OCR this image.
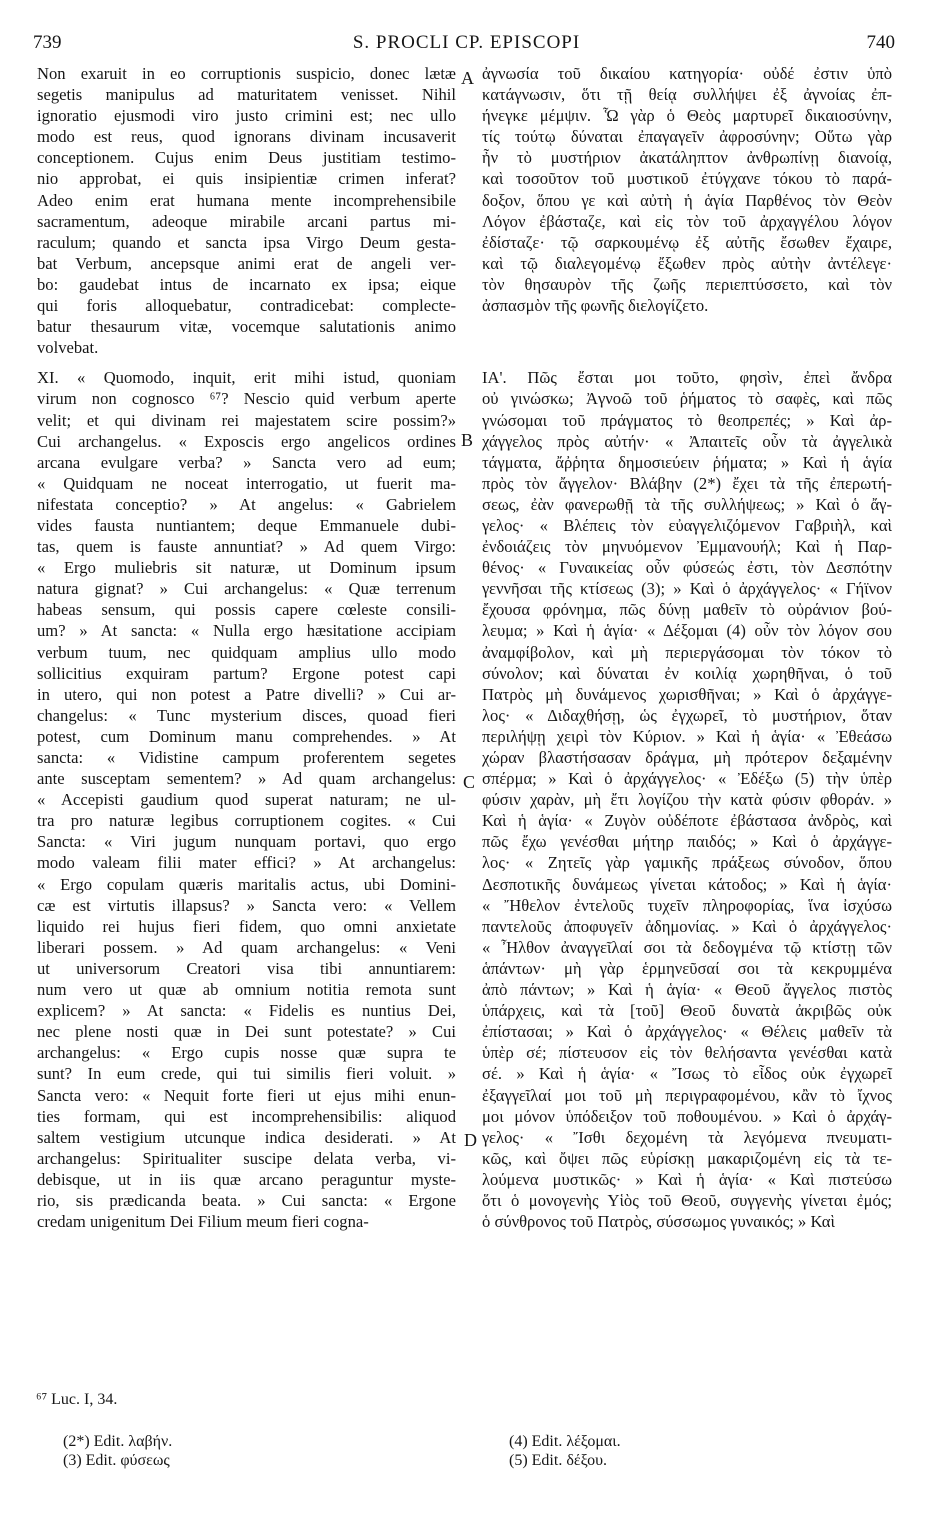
739	S. PROCLI CP. EPISCOPI	740
Non exaruit in eo corruptionis suspicio, donec lætæ
segetis manipulus ad maturitatem venisset. Nihil
ignoratio ejusmodi viro justo crimini est; nec ullo
modo est reus, quod ignorans divinam incusaverit
conceptionem. Cujus enim Deus justitiam testimo-
nio approbat, ei quis insipientiæ crimen inferat?
Adeo enim erat humana mente incomprehensibile
sacramentum, adeoque mirabile arcani partus mi-
raculum; quando et sancta ipsa Virgo Deum gesta-
bat Verbum, ancepsque animi erat de angeli ver-
bo: gaudebat intus de incarnato ex ipsa; eique
qui foris alloquebatur, contradicebat: complecte-
batur thesaurum vitæ, vocemque salutationis animo
volvebat.
XI. « Quomodo, inquit, erit mihi istud, quoniam
virum non cognosco ⁶⁷? Nescio quid verbum aperte
velit; et qui divinam rei majestatem scire possim?»
Cui archangelus. « Exposcis ergo angelicos ordines
arcana evulgare verba? » Sancta vero ad eum;
« Quidquam ne noceat interrogatio, ut fuerit ma-
nifestata conceptio? » At angelus: « Gabrielem
vides fausta nuntiantem; deque Emmanuele dubi-
tas, quem is fauste annuntiat? » Ad quem Virgo:
« Ergo muliebris sit naturæ, ut Dominum ipsum
natura gignat? » Cui archangelus: « Quæ terrenum
habeas sensum, qui possis capere cœleste consili-
um? » At sancta: « Nulla ergo hæsitatione accipiam
verbum tuum, nec quidquam amplius ullo modo
sollicitius exquiram partum? Ergone potest capi
in utero, qui non potest a Patre divelli? » Cui ar-
changelus: « Tunc mysterium disces, quoad fieri
potest, cum Dominum manu comprehendes. » At
sancta: « Vidistine campum proferentem segetes
ante susceptam sementem? » Ad quam archangelus:
« Accepisti gaudium quod superat naturam; ne ul-
tra pro naturæ legibus corruptionem cogites. « Cui
Sancta: « Viri jugum nunquam portavi, quo ergo
modo valeam filii mater effici? » At archangelus:
« Ergo copulam quæris maritalis actus, ubi Domini-
cæ est virtutis illapsus? » Sancta vero: « Vellem
liquido rei hujus fieri fidem, quo omni anxietate
liberari possem. » Ad quam archangelus: « Veni
ut universorum Creatori visa tibi annuntiarem:
num vero ut quæ ab omnium notitia remota sunt
explicem? » At sancta: « Fidelis es nuntius Dei,
nec plene nosti quæ in Dei sunt potestate? » Cui
archangelus: « Ergo cupis nosse quæ supra te
sunt? In eum crede, qui tui similis fieri voluit. »
Sancta vero: « Nequit forte fieri ut ejus mihi enun-
ties formam, qui est incomprehensibilis: aliquod
saltem vestigium utcunque indica desiderati. » At
archangelus: Spiritualiter suscipe delata verba, vi-
debisque, ut in iis quæ arcano peraguntur myste-
rio, sis prædicanda beata. » Cui sancta: « Ergone
credam unigenitum Dei Filium meum fieri cogna-
ἀγνωσία τοῦ δικαίου κατηγορία· οὐδέ ἐστιν ὑπὸ
κατάγνωσιν, ὅτι τῇ θείᾳ συλλήψει ἐξ ἀγνοίας ἐπ-
ήνεγκε μέμψιν. Ὧ γὰρ ὁ Θεὸς μαρτυρεῖ δικαιοσύνην,
τίς τούτῳ δύναται ἐπαγαγεῖν ἀφροσύνην; Οὕτω γὰρ
ἦν τὸ μυστήριον ἀκατάληπτον ἀνθρωπίνῃ διανοίᾳ,
καὶ τοσοῦτον τοῦ μυστικοῦ ἐτύγχανε τόκου τὸ παρά-
δοξον, ὅπου γε καὶ αὐτὴ ἡ ἁγία Παρθένος τὸν Θεὸν
Λόγον ἐβάσταζε, καὶ εἰς τὸν τοῦ ἀρχαγγέλου λόγον
ἐδίσταζε· τῷ σαρκουμένῳ ἐξ αὐτῆς ἔσωθεν ἔχαιρε,
καὶ τῷ διαλεγομένῳ ἔξωθεν πρὸς αὐτὴν ἀντέλεγε·
τὸν θησαυρὸν τῆς ζωῆς περιεπτύσσετο, καὶ τὸν
ἀσπασμὸν τῆς φωνῆς διελογίζετο.
ΙΑ'. Πῶς ἔσται μοι τοῦτο, φησὶν, ἐπεὶ ἄνδρα
οὐ γινώσκω; Ἀγνοῶ τοῦ ῥήματος τὸ σαφὲς, καὶ πῶς
γνώσομαι τοῦ πράγματος τὸ θεοπρεπές; » Καὶ ἀρ-
χάγγελος πρὸς αὐτήν· « Ἀπαιτεῖς οὖν τὰ ἀγγελικὰ
τάγματα, ἄῤῥητα δημοσιεύειν ῥήματα; » Καὶ ἡ ἁγία
πρὸς τὸν ἄγγελον· Βλάβην (2*) ἔχει τὰ τῆς ἐπερωτή-
σεως, ἐὰν φανερωθῇ τὰ τῆς συλλήψεως; » Καὶ ὁ ἄγ-
γελος· « Βλέπεις τὸν εὐαγγελιζόμενον Γαβριὴλ, καὶ
ἐνδοιάζεις τὸν μηνυόμενον Ἐμμανουήλ; Καὶ ἡ Παρ-
θένος· « Γυναικείας οὖν φύσεώς ἐστι, τὸν Δεσπότην
γεννῆσαι τῆς κτίσεως (3); » Καὶ ὁ ἀρχάγγελος· « Γήϊνον
ἔχουσα φρόνημα, πῶς δύνῃ μαθεῖν τὸ οὐράνιον βού-
λευμα; » Καὶ ἡ ἁγία· « Δέξομαι (4) οὖν τὸν λόγον σου
ἀναμφίβολον, καὶ μὴ περιεργάσομαι τὸν τόκον τὸ
σύνολον; καὶ δύναται ἐν κοιλίᾳ χωρηθῆναι, ὁ τοῦ
Πατρὸς μὴ δυνάμενος χωρισθῆναι; » Καὶ ὁ ἀρχάγγε-
λος· « Διδαχθήσῃ, ὡς ἐγχωρεῖ, τὸ μυστήριον, ὅταν
περιλήψῃ χειρὶ τὸν Κύριον. » Καὶ ἡ ἁγία· « Ἐθεάσω
χώραν βλαστήσασαν δράγμα, μὴ πρότερον δεξαμένην
σπέρμα; » Καὶ ὁ ἀρχάγγελος· « Ἐδέξω (5) τὴν ὑπὲρ
φύσιν χαρὰν, μὴ ἔτι λογίζου τὴν κατὰ φύσιν φθοράν. »
Καὶ ἡ ἁγία· « Ζυγὸν οὐδέποτε ἐβάστασα ἀνδρὸς, καὶ
πῶς ἔχω γενέσθαι μήτηρ παιδός; » Καὶ ὁ ἀρχάγγε-
λος· « Ζητεῖς γὰρ γαμικῆς πράξεως σύνοδον, ὅπου
Δεσποτικῆς δυνάμεως γίνεται κάτοδος; » Καὶ ἡ ἁγία·
« Ἤθελον ἐντελοῦς τυχεῖν πληροφορίας, ἵνα ἰσχύσω
παντελοῦς ἀποφυγεῖν ἀδημονίας. » Καὶ ὁ ἀρχάγγελος·
« Ἦλθον ἀναγγεῖλαί σοι τὰ δεδογμένα τῷ κτίστῃ τῶν
ἁπάντων· μὴ γὰρ ἑρμηνεῦσαί σοι τὰ κεκρυμμένα
ἀπὸ πάντων; » Καὶ ἡ ἁγία· « Θεοῦ ἄγγελος πιστὸς
ὑπάρχεις, καὶ τὰ [τοῦ] Θεοῦ δυνατὰ ἀκριβῶς οὐκ
ἐπίστασαι; » Καὶ ὁ ἀρχάγγελος· « Θέλεις μαθεῖν τὰ
ὑπὲρ σέ; πίστευσον εἰς τὸν θελήσαντα γενέσθαι κατὰ
σέ. » Καὶ ἡ ἁγία· « Ἴσως τὸ εἶδος οὐκ ἐγχωρεῖ
ἐξαγγεῖλαί μοι τοῦ μὴ περιγραφομένου, κἂν τὸ ἴχνος
μοι μόνον ὑπόδειξον τοῦ ποθουμένου. » Καὶ ὁ ἀρχάγ-
γελος· « Ἴσθι δεχομένη τὰ λεγόμενα πνευματι-
κῶς, καὶ ὄψει πῶς εὑρίσκῃ μακαριζομένη εἰς τὰ τε-
λούμενα μυστικῶς· » Καὶ ἡ ἁγία· « Καὶ πιστεύσω
ὅτι ὁ μονογενὴς Υἱὸς τοῦ Θεοῦ, συγγενὴς γίνεται ἐμός;
ὁ σύνθρονος τοῦ Πατρὸς, σύσσωμος γυναικός; » Καὶ
A
B
C
D
⁶⁷ Luc. I, 34.
(2*) Edit. λαβήν.
(3) Edit. φύσεως
(4) Edit. λέξομαι.
(5) Edit. δέξου.
